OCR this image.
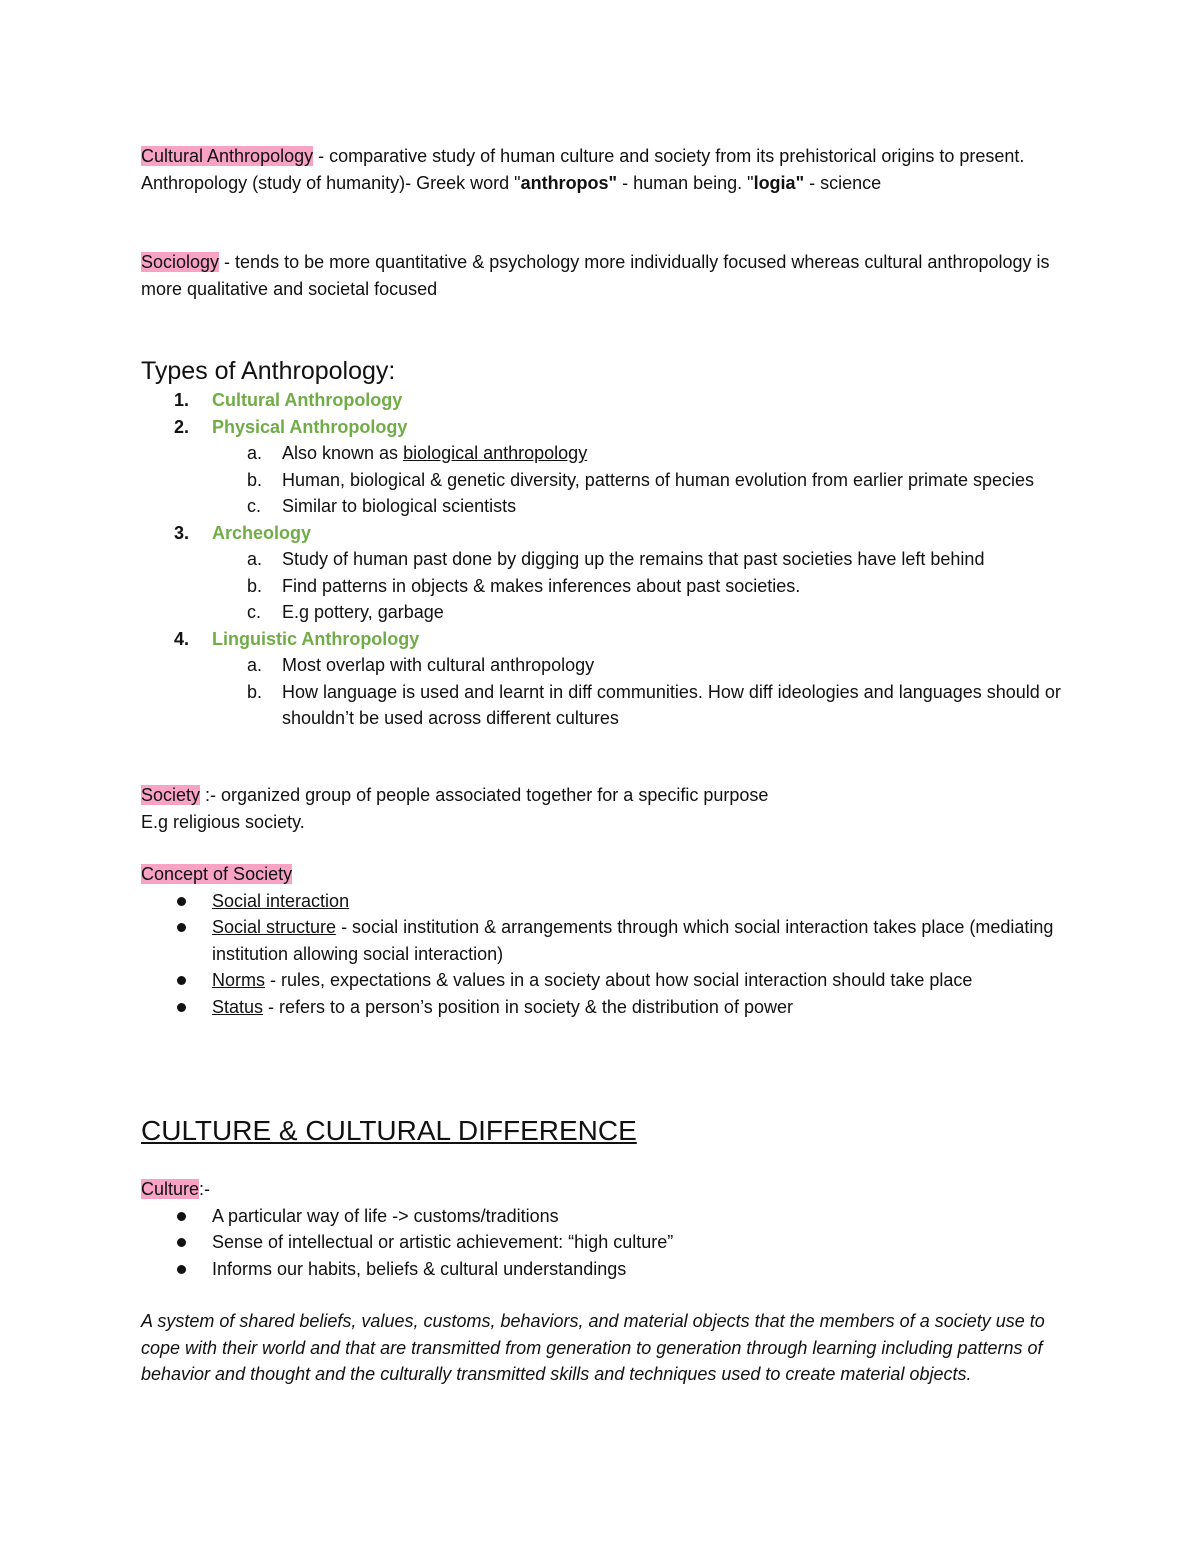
Cultural Anthropology - comparative study of human culture and society from its prehistorical origins to present.
Anthropology (study of humanity)- Greek word "anthropos" - human being. "logia" - science
Sociology - tends to be more quantitative & psychology more individually focused whereas cultural anthropology is more qualitative and societal focused
Types of Anthropology:
1.	Cultural Anthropology
2.	Physical Anthropology
a.	Also known as biological anthropology
b.	Human, biological & genetic diversity, patterns of human evolution from earlier primate species
c.	Similar to biological scientists
3.	Archeology
a.	Study of human past done by digging up the remains that past societies have left behind
b.	Find patterns in objects & makes inferences about past societies.
c.	E.g pottery, garbage
4.	Linguistic Anthropology
a.	Most overlap with cultural anthropology
b.	How language is used and learnt in diff communities. How diff ideologies and languages should or shouldn’t be used across different cultures
Society :- organized group of people associated together for a specific purpose
E.g religious society.
Concept of Society
Social interaction
Social structure - social institution & arrangements through which social interaction takes place (mediating institution allowing social interaction)
Norms - rules, expectations & values in a society about how social interaction should take place
Status - refers to a person’s position in society & the distribution of power
CULTURE & CULTURAL DIFFERENCE
Culture:-
A particular way of life -> customs/traditions
Sense of intellectual or artistic achievement: “high culture”
Informs our habits, beliefs & cultural understandings
A system of shared beliefs, values, customs, behaviors, and material objects that the members of a society use to cope with their world and that are transmitted from generation to generation through learning including patterns of behavior and thought and the culturally transmitted skills and techniques used to create material objects.
